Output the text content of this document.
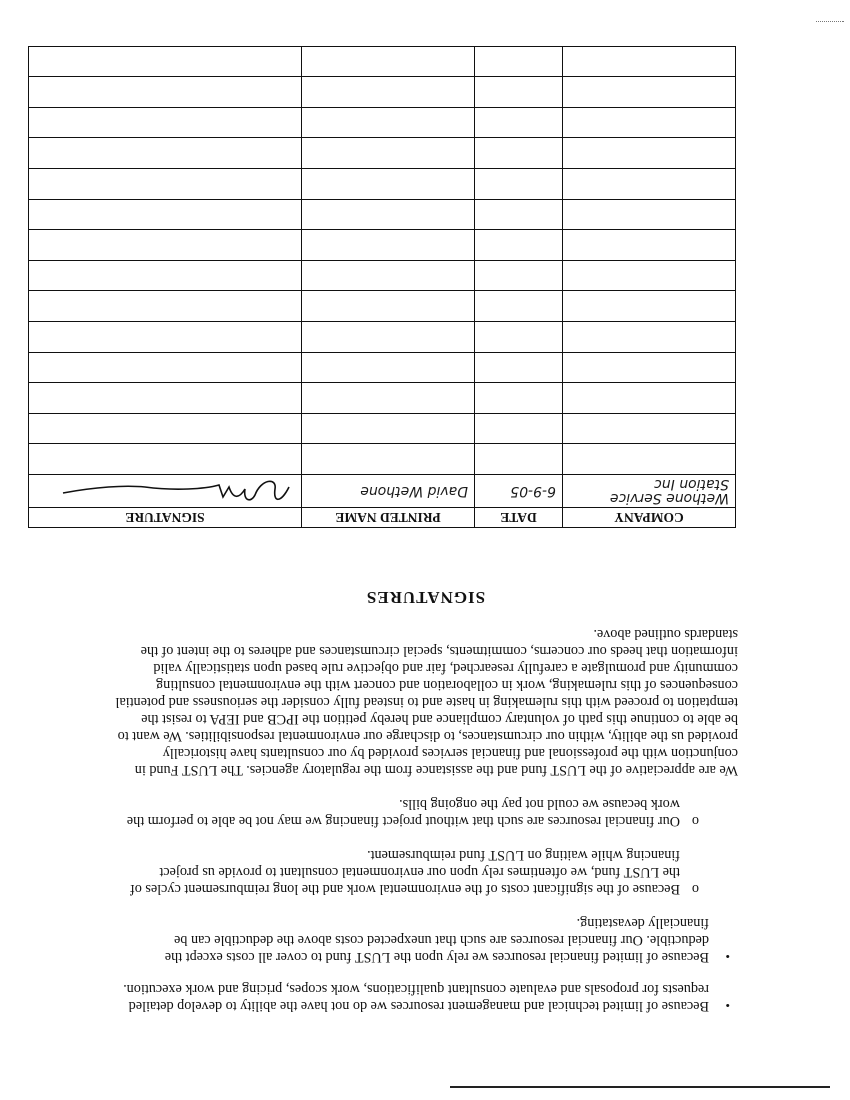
• Because of limited technical and management resources we do not have the ability to develop detailed requests for proposals and evaluate consultant qualifications, work scopes, pricing and work execution.
• Because of limited financial resources we rely upon the LUST fund to cover all costs except the deductible. Our financial resources are such that unexpected costs above the deductible can be financially devastating.
o Because of the significant costs of the environmental work and the long reimbursement cycles of the LUST fund, we oftentimes rely upon our environmental consultant to provide us project financing while waiting on LUST fund reimbursement.
o Our financial resources are such that without project financing we may not be able to perform the work because we could not pay the ongoing bills.

We are appreciative of the LUST fund and the assistance from the regulatory agencies. The LUST Fund in conjunction with the professional and financial services provided by our consultants have historically provided us the ability, within our circumstances, to discharge our environmental responsibilities. We want to be able to continue this path of voluntary compliance and hereby petition the IPCB and IEPA to resist the temptation to proceed with this rulemaking in haste and to instead fully consider the seriousness and potential consequences of this rulemaking, work in collaboration and concert with the environmental consulting community and promulgate a carefully researched, fair and objective rule based upon statistically valid information that heeds our concerns, commitments, special circumstances and adheres to the intent of the standards outlined above.

SIGNATURES
COMPANY	DATE	PRINTED NAME	SIGNATURE
Wethone Service Station Inc	6-9-05	David Wethone	
